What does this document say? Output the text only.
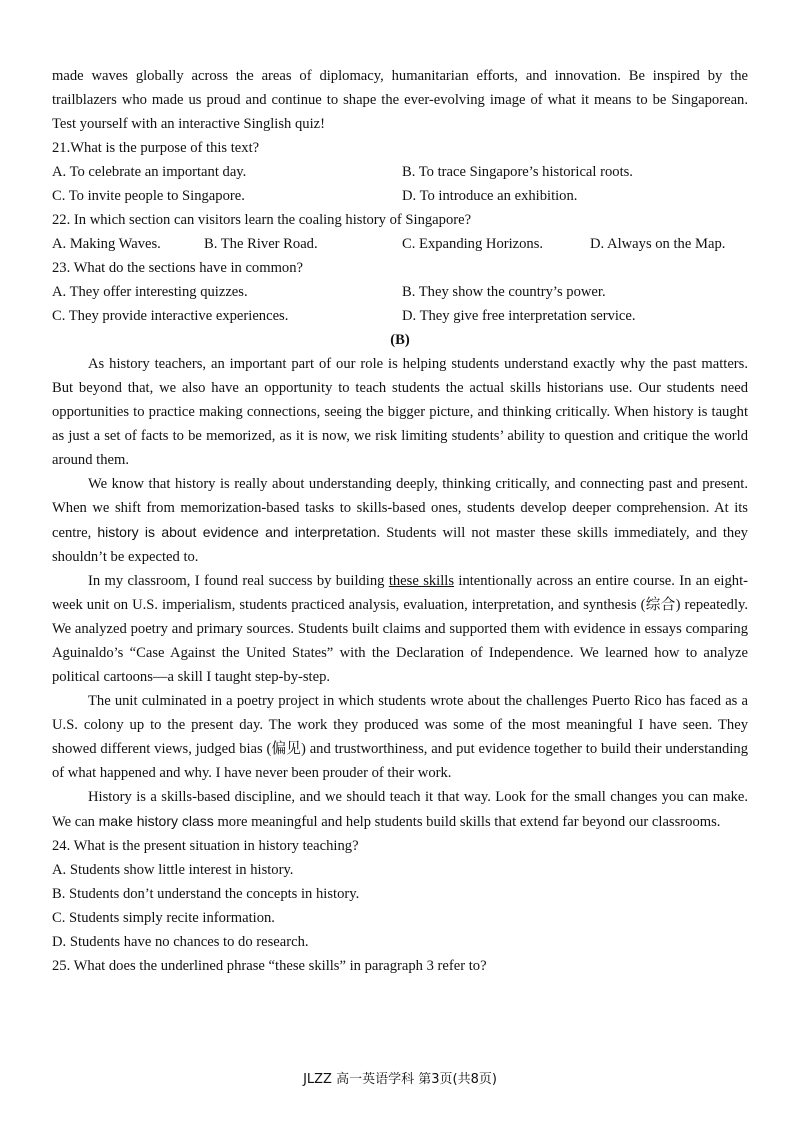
made waves globally across the areas of diplomacy, humanitarian efforts, and innovation. Be inspired by the trailblazers who made us proud and continue to shape the ever-evolving image of what it means to be Singaporean. Test yourself with an interactive Singlish quiz!

21.What is the purpose of this text?

A. To celebrate an important day.	B. To trace Singapore’s historical roots.
C. To invite people to Singapore.	D. To introduce an exhibition.

22. In which section can visitors learn the coaling history of Singapore?

A. Making Waves.	B. The River Road.	C. Expanding Horizons.	D. Always on the Map.

23. What do the sections have in common?

A. They offer interesting quizzes.	B. They show the country’s power.
C. They provide interactive experiences.	D. They give free interpretation service.

(B)

As history teachers, an important part of our role is helping students understand exactly why the past matters. But beyond that, we also have an opportunity to teach students the actual skills historians use. Our students need opportunities to practice making connections, seeing the bigger picture, and thinking critically. When history is taught as just a set of facts to be memorized, as it is now, we risk limiting students’ ability to question and critique the world around them.

We know that history is really about understanding deeply, thinking critically, and connecting past and present. When we shift from memorization-based tasks to skills-based ones, students develop deeper comprehension. At its centre, history is about evidence and interpretation. Students will not master these skills immediately, and they shouldn’t be expected to.

In my classroom, I found real success by building these skills intentionally across an entire course. In an eight-week unit on U.S. imperialism, students practiced analysis, evaluation, interpretation, and synthesis (综合) repeatedly. We analyzed poetry and primary sources. Students built claims and supported them with evidence in essays comparing Aguinaldo’s “Case Against the United States” with the Declaration of Independence. We learned how to analyze political cartoons—a skill I taught step-by-step.

The unit culminated in a poetry project in which students wrote about the challenges Puerto Rico has faced as a U.S. colony up to the present day. The work they produced was some of the most meaningful I have seen. They showed different views, judged bias (偏见) and trustworthiness, and put evidence together to build their understanding of what happened and why. I have never been prouder of their work.

History is a skills-based discipline, and we should teach it that way. Look for the small changes you can make. We can make history class more meaningful and help students build skills that extend far beyond our classrooms.

24. What is the present situation in history teaching?

A. Students show little interest in history.

B. Students don’t understand the concepts in history.

C. Students simply recite information.

D. Students have no chances to do research.

25. What does the underlined phrase “these skills” in paragraph 3 refer to?

JLZZ 高一英语学科 第3页(共8页)
